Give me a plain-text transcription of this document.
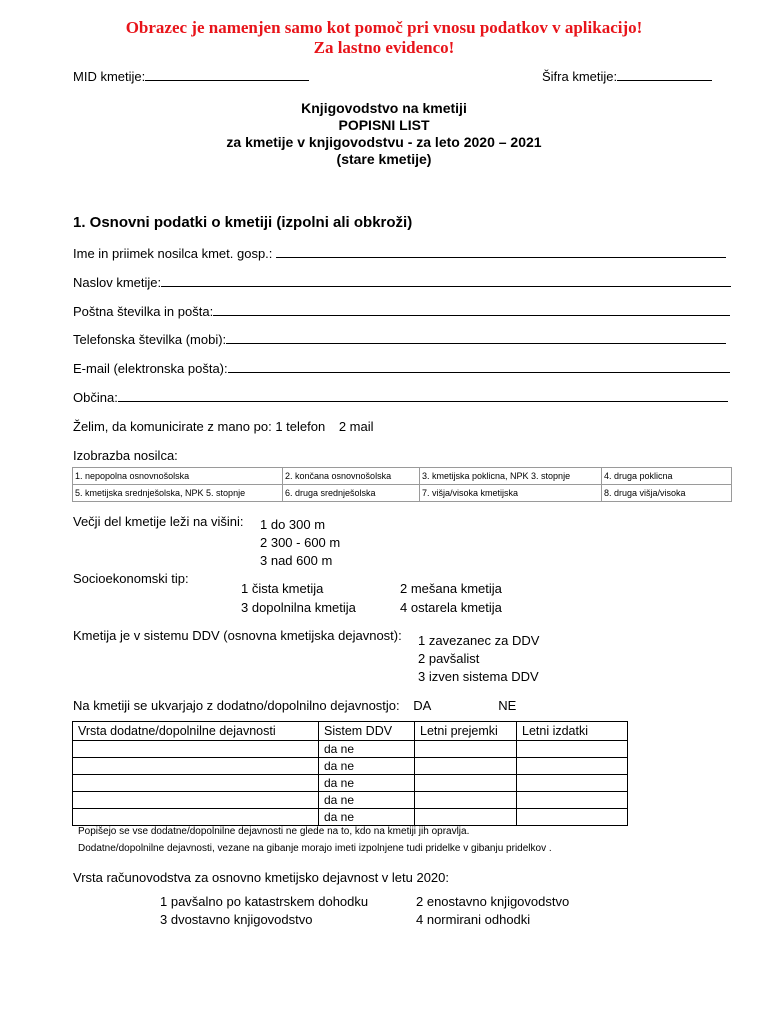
Obrazec je namenjen samo kot pomoč pri vnosu podatkov v aplikacijo!
Za lastno evidenco!
MID kmetije:	Šifra kmetije:
Knjigovodstvo na kmetiji
POPISNI LIST
za kmetije v knjigovodstvu - za leto 2020 – 2021
(stare kmetije)
1. Osnovni podatki o kmetiji (izpolni ali obkroži)
Ime in priimek nosilca kmet. gosp.:
Naslov kmetije:
Poštna številka in pošta:
Telefonska številka (mobi):
E-mail (elektronska pošta):
Občina:
Želim, da komunicirate z mano po: 1 telefon 2 mail
Izobrazba nosilca:
1. nepopolna osnovnošolska	2. končana osnovnošolska	3. kmetijska poklicna, NPK 3. stopnje	4. druga poklicna
5. kmetijska srednješolska, NPK 5. stopnje	6. druga srednješolska	7. višja/visoka kmetijska	8. druga višja/visoka
Večji del kmetije leži na višini: 1 do 300 m
2 300 - 600 m
3 nad 600 m
Socioekonomski tip:
1 čista kmetija	2 mešana kmetija
3 dopolnilna kmetija	4 ostarela kmetija
Kmetija je v sistemu DDV (osnovna kmetijska dejavnost): 1 zavezanec za DDV
2 pavšalist
3 izven sistema DDV
Na kmetiji se ukvarjajo z dodatno/dopolnilno dejavnostjo: DA	NE
Vrsta dodatne/dopolnilne dejavnosti	Sistem DDV	Letni prejemki	Letni izdatki
	da ne		
	da ne		
	da ne		
	da ne		
	da ne		
Popišejo se vse dodatne/dopolnilne dejavnosti ne glede na to, kdo na kmetiji jih opravlja.
Dodatne/dopolnilne dejavnosti, vezane na gibanje morajo imeti izpolnjene tudi pridelke v gibanju pridelkov .
Vrsta računovodstva za osnovno kmetijsko dejavnost v letu 2020:
1 pavšalno po katastrskem dohodku	2 enostavno knjigovodstvo
3 dvostavno knjigovodstvo	4 normirani odhodki
